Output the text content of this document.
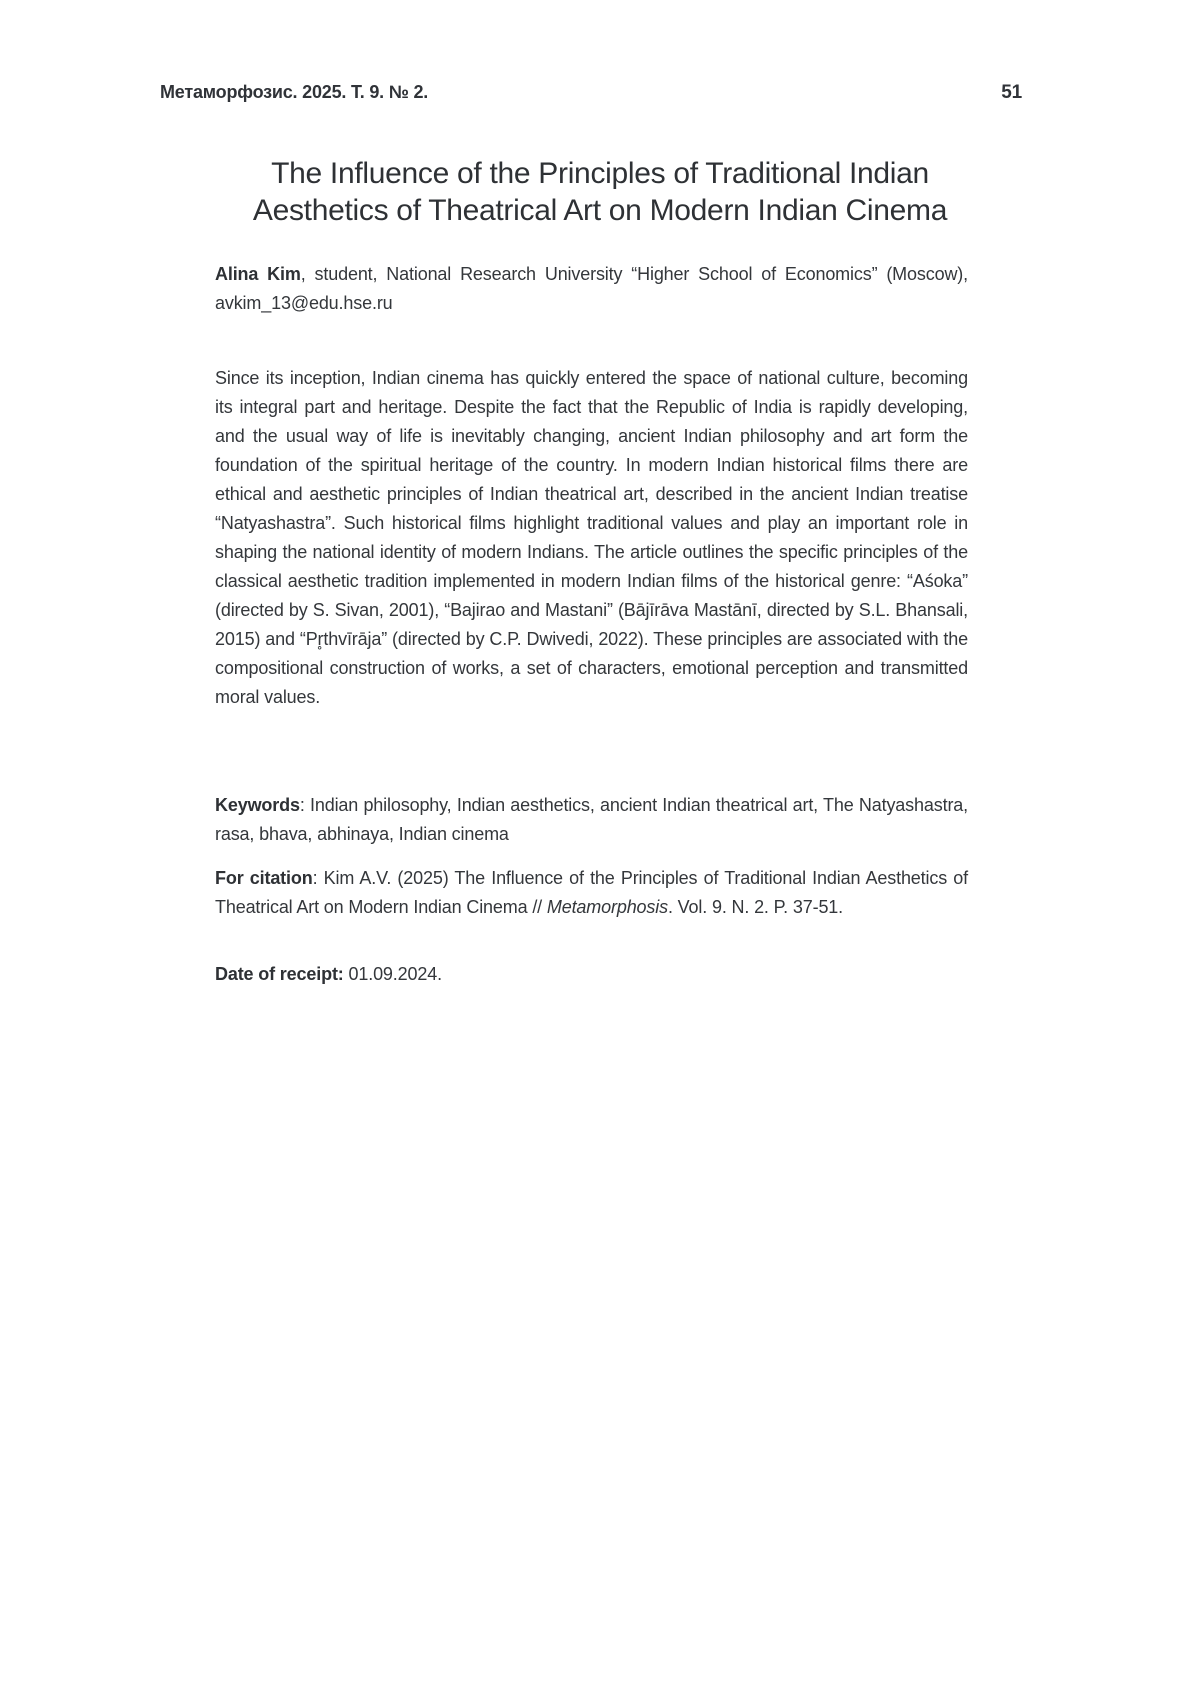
Метаморфозис. 2025. Т. 9. № 2.	51
The Influence of the Principles of Traditional Indian
Aesthetics of Theatrical Art on Modern Indian Cinema

Alina Kim, student, National Research University “Higher School of Economics” (Moscow), avkim_13@edu.hse.ru

Since its inception, Indian cinema has quickly entered the space of national culture, becoming its integral part and heritage. Despite the fact that the Republic of India is rapidly developing, and the usual way of life is inevitably changing, ancient Indian philosophy and art form the foundation of the spiritual heritage of the country. In modern Indian historical films there are ethical and aesthetic principles of Indian theatrical art, described in the ancient Indian treatise “Natyashastra”. Such historical films highlight traditional values and play an important role in shaping the national identity of modern Indians. The article outlines the specific principles of the classical aesthetic tradition implemented in modern Indian films of the historical genre: “Aśoka” (directed by S. Sivan, 2001), “Bajirao and Mastani” (Bājīrāva Mastānī, directed by S.L. Bhansali, 2015) and “Pr̥thvīrāja” (directed by C.P. Dwivedi, 2022). These principles are associated with the compositional construction of works, a set of characters, emotional perception and transmitted moral values.

Keywords: Indian philosophy, Indian aesthetics, ancient Indian theatrical art, The Natyashastra, rasa, bhava, abhinaya, Indian cinema

For citation: Kim A.V. (2025) The Influence of the Principles of Traditional Indian Aesthetics of Theatrical Art on Modern Indian Cinema // Metamorphosis. Vol. 9. N. 2. P. 37-51.

Date of receipt: 01.09.2024.
